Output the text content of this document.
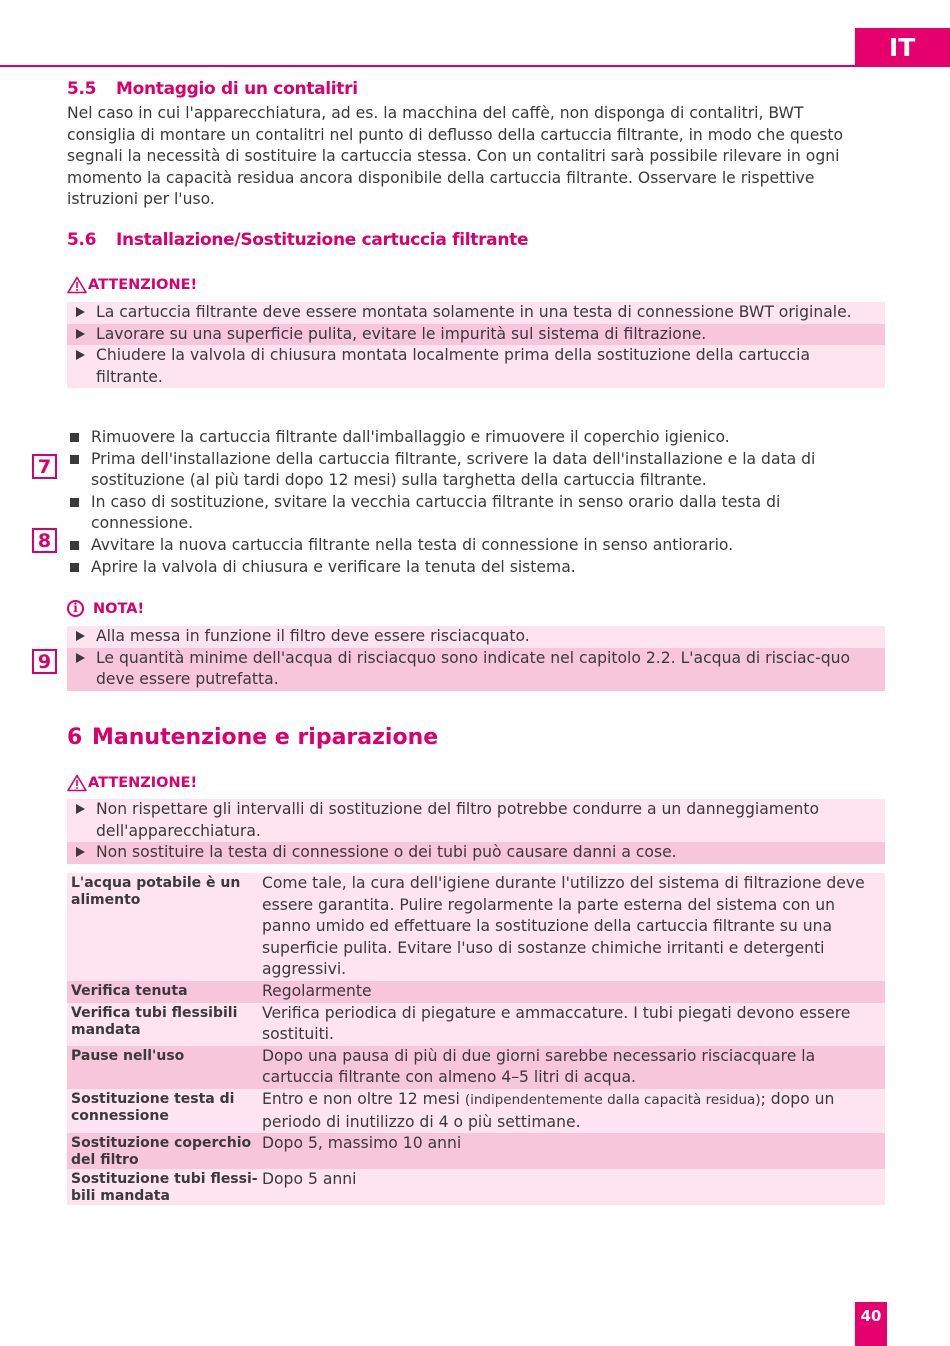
IT
5.5 Montaggio di un contalitri
Nel caso in cui l'apparecchiatura, ad es. la macchina del caffè, non disponga di contalitri, BWT consiglia di montare un contalitri nel punto di deflusso della cartuccia filtrante, in modo che questo segnali la necessità di sostituire la cartuccia stessa. Con un contalitri sarà possibile rilevare in ogni momento la capacità residua ancora disponibile della cartuccia filtrante. Osservare le rispettive istruzioni per l'uso.
5.6 Installazione/Sostituzione cartuccia filtrante
ATTENZIONE!
La cartuccia filtrante deve essere montata solamente in una testa di connessione BWT originale.
Lavorare su una superficie pulita, evitare le impurità sul sistema di filtrazione.
Chiudere la valvola di chiusura montata localmente prima della sostituzione della cartuccia filtrante.
Rimuovere la cartuccia filtrante dall'imballaggio e rimuovere il coperchio igienico.
Prima dell'installazione della cartuccia filtrante, scrivere la data dell'installazione e la data di sostituzione (al più tardi dopo 12 mesi) sulla targhetta della cartuccia filtrante.
In caso di sostituzione, svitare la vecchia cartuccia filtrante in senso orario dalla testa di connessione.
Avvitare la nuova cartuccia filtrante nella testa di connessione in senso antiorario.
Aprire la valvola di chiusura e verificare la tenuta del sistema.
i	NOTA!
Alla messa in funzione il filtro deve essere risciacquato.
Le quantità minime dell'acqua di risciacquo sono indicate nel capitolo 2.2. L'acqua di risciac-quo deve essere putrefatta.
6 Manutenzione e riparazione
ATTENZIONE!
Non rispettare gli intervalli di sostituzione del filtro potrebbe condurre a un danneggiamento dell'apparecchiatura.
Non sostituire la testa di connessione o dei tubi può causare danni a cose.
7
8
9
L'acqua potabile è un alimento	Come tale, la cura dell'igiene durante l'utilizzo del sistema di filtrazione deve essere garantita. Pulire regolarmente la parte esterna del sistema con un panno umido ed effettuare la sostituzione della cartuccia filtrante su una superficie pulita. Evitare l'uso di sostanze chimiche irritanti e detergenti aggressivi.
Verifica tenuta	Regolarmente
Verifica tubi flessibili mandata	Verifica periodica di piegature e ammaccature. I tubi piegati devono essere sostituiti.
Pause nell'uso	Dopo una pausa di più di due giorni sarebbe necessario risciacquare la cartuccia filtrante con almeno 4–5 litri di acqua.
Sostituzione testa di connessione	Entro e non oltre 12 mesi (indipendentemente dalla capacità residua); dopo un periodo di inutilizzo di 4 o più settimane.
Sostituzione coperchio del filtro	Dopo 5, massimo 10 anni
Sostituzione tubi flessi-bili mandata	Dopo 5 anni
40
